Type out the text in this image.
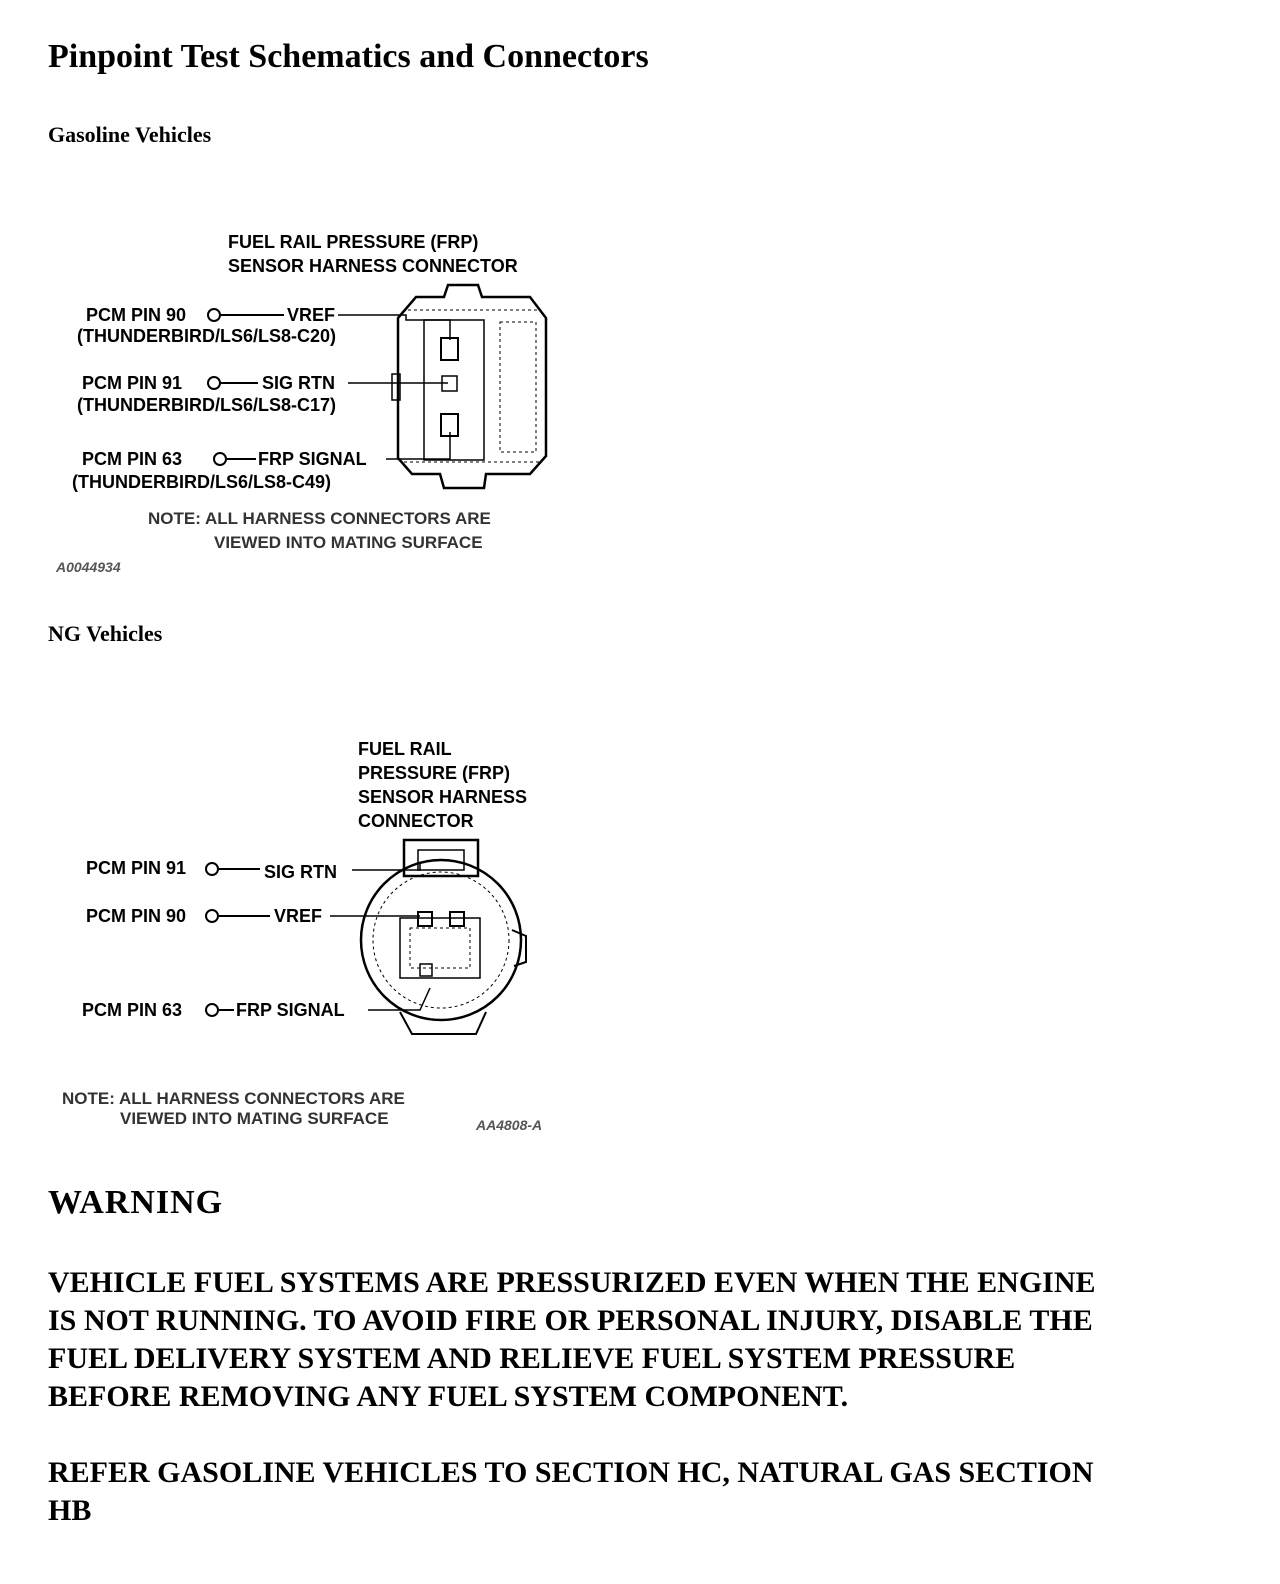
Pinpoint Test Schematics and Connectors
Gasoline Vehicles
FUEL RAIL PRESSURE (FRP)
SENSOR HARNESS CONNECTOR
PCM PIN 90	VREF
(THUNDERBIRD/LS6/LS8-C20)
PCM PIN 91	SIG RTN
(THUNDERBIRD/LS6/LS8-C17)
PCM PIN 63	FRP SIGNAL
(THUNDERBIRD/LS6/LS8-C49)
NOTE: ALL HARNESS CONNECTORS ARE
VIEWED INTO MATING SURFACE
A0044934
NG Vehicles
FUEL RAIL
PRESSURE (FRP)
SENSOR HARNESS
CONNECTOR
PCM PIN 91	SIG RTN
PCM PIN 90	VREF
PCM PIN 63	FRP SIGNAL
NOTE: ALL HARNESS CONNECTORS ARE
VIEWED INTO MATING SURFACE	AA4808-A
WARNING

VEHICLE FUEL SYSTEMS ARE PRESSURIZED EVEN WHEN THE ENGINE

IS NOT RUNNING. TO AVOID FIRE OR PERSONAL INJURY, DISABLE THE

FUEL DELIVERY SYSTEM AND RELIEVE FUEL SYSTEM PRESSURE

BEFORE REMOVING ANY FUEL SYSTEM COMPONENT.

REFER GASOLINE VEHICLES TO SECTION HC, NATURAL GAS SECTION

HB
